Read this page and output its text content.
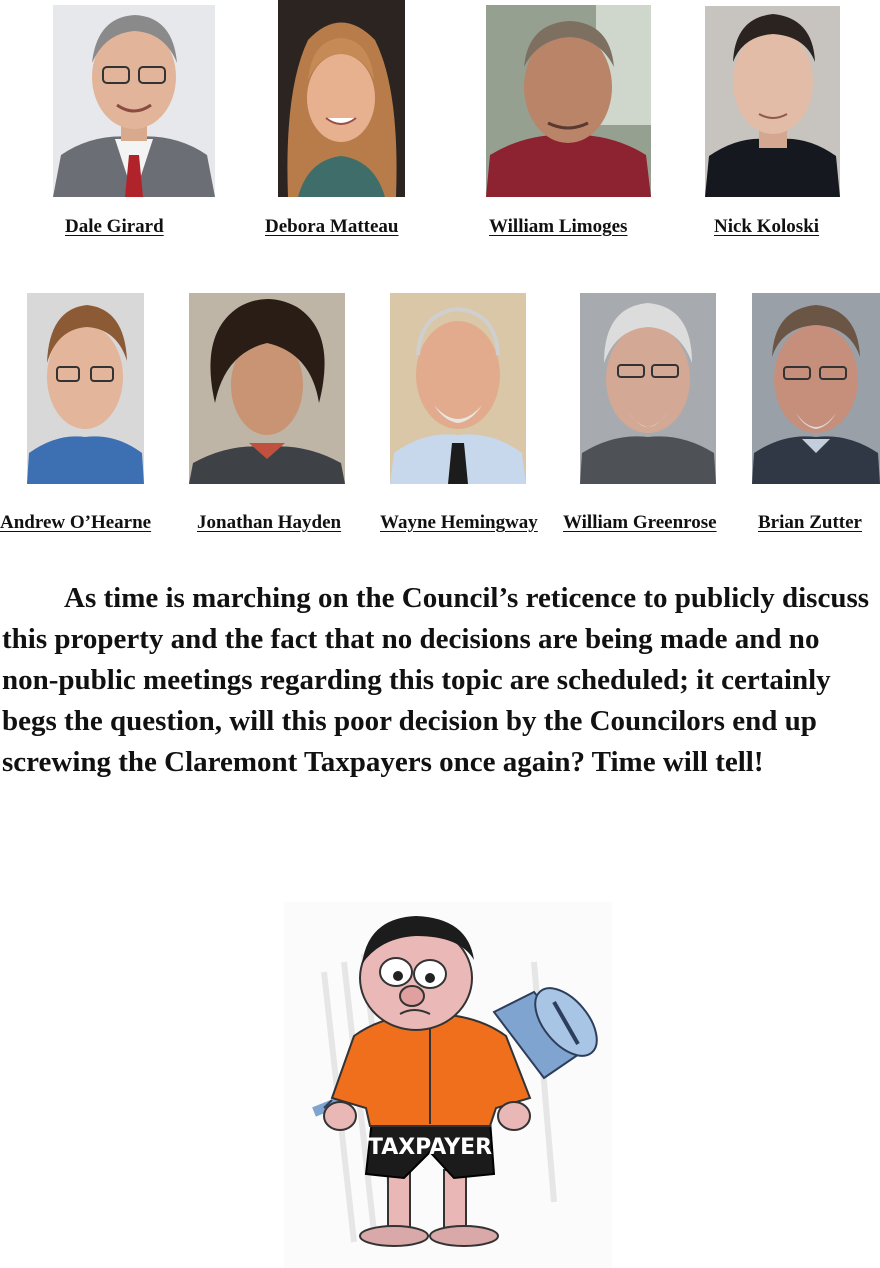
Dale Girard	Debora Matteau	William Limoges	Nick Koloski
Andrew O’Hearne Jonathan Hayden Wayne Hemingway William Greenrose Brian Zutter

As time is marching on the Council’s reticence to publicly discuss this property and the fact that no decisions are being made and no non-public meetings regarding this topic are scheduled; it certainly begs the question, will this poor decision by the Councilors end up screwing the Claremont Taxpayers once again? Time will tell!

TAXPAYER
